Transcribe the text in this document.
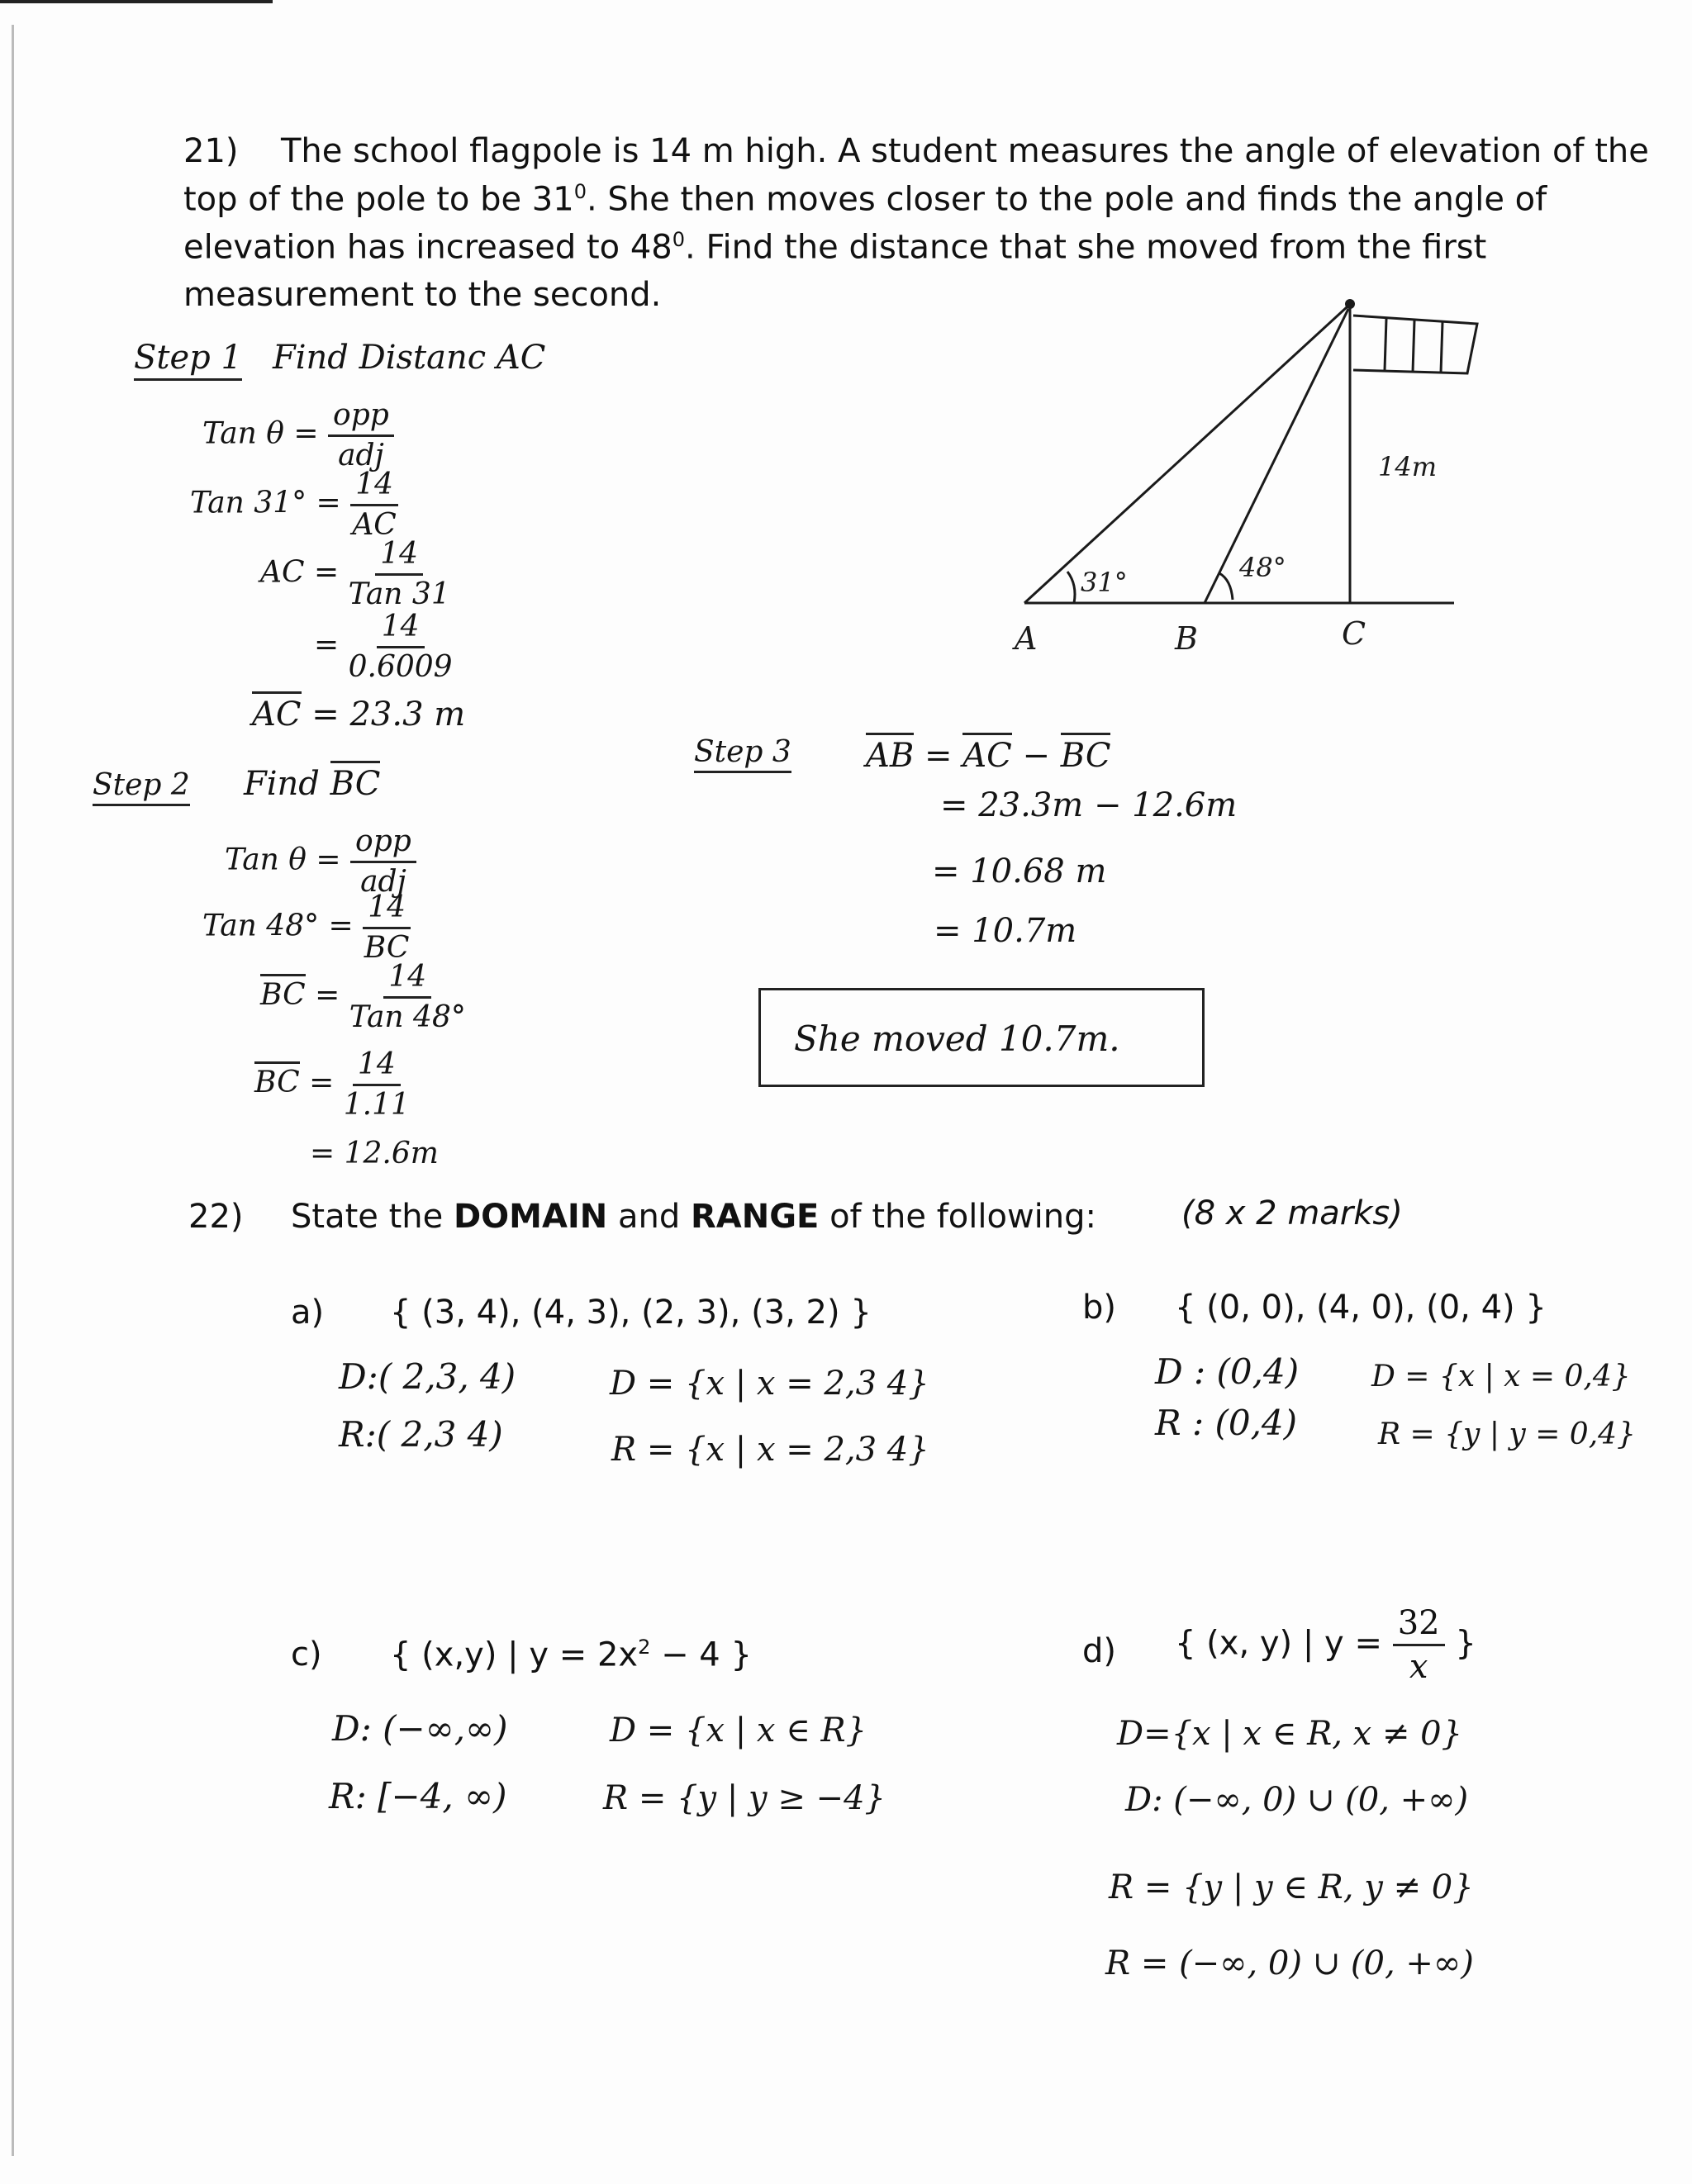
21) The school flagpole is 14 m high. A student measures the angle of elevation of the
top of the pole to be $31^0$. She then moves closer to the pole and finds the angle of
elevation has increased to $48^0$. Find the distance that she moved from the first
measurement to the second.
Step 1 Find Distanc AC
Tan $\theta = \frac{\text{opp}}{\text{adj}}$
Tan $31^\circ = \frac{14}{AC}$
AC = $\frac{14}{\text{Tan 31}}$
= $\frac{14}{0.6009}$
AC = 23.3 m
Step 2 Find BC
Tan $\theta = \frac{\text{opp}}{\text{adj}}$
Tan $48^\circ = \frac{14}{BC}$
BC = $\frac{14}{\text{Tan 48°}}$
BC = $\frac{14}{1.11}$
= 12.6m
Step 3 AB = AC − BC
= 23.3m − 12.6m
= 10.68 m
= 10.7m
She moved 10.7m.
31°	48°
14m
A	B	C
22) State the DOMAIN and RANGE of the following:	(8 x 2 marks)
a) { (3, 4), (4, 3), (2, 3), (3, 2) }
D:( 2,3, 4)
R:( 2,3 4)
D = {x | x = 2,3 4}
R = {x | x = 2,3 4}
b) { (0, 0), (4, 0), (0, 4) }
D : (0,4)
R : (0,4)
D = {x | x = 0,4}
R = {y | y = 0,4}
c) { (x,y) | $y = 2x^2 - 4$ }
D: (−∞,∞)
R: [−4, ∞)
D = {x | x ∈ R}
R = {y | y ≥ −4}
d) { (x, y) | $y = \frac{32}{x}$ }
D={x | x ∈ R, x ≠ 0}
D: (−∞, 0) ∪ (0, +∞)
R = {y | y ∈ R, y ≠ 0}
R = (−∞, 0) ∪ (0, +∞)
